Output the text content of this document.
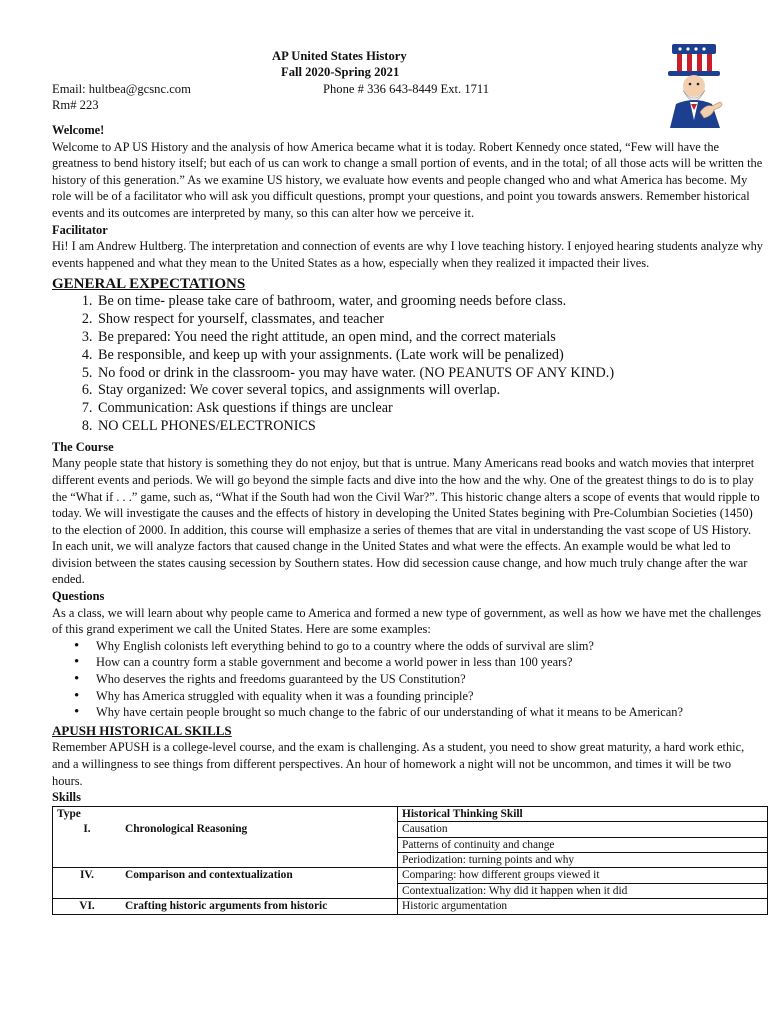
AP United States History
Fall 2020-Spring 2021
Email: hultbea@gcsnc.com	Phone # 336 643-8449 Ext. 1711
Rm# 223

Welcome!

Welcome to AP US History and the analysis of how America became what it is today. Robert Kennedy once stated, “Few will have the greatness to bend history itself; but each of us can work to change a small portion of events, and in the total; of all those acts will be written the history of this generation.” As we examine US history, we evaluate how events and people changed who and what America has become. My role will be of a facilitator who will ask you difficult questions, prompt your questions, and point you towards answers. Remember historical events and its outcomes are interpreted by many, so this can alter how we perceive it.

Facilitator

Hi! I am Andrew Hultberg. The interpretation and connection of events are why I love teaching history. I enjoyed hearing students analyze why events happened and what they mean to the United States as a how, especially when they realized it impacted their lives.

GENERAL EXPECTATIONS

1. Be on time- please take care of bathroom, water, and grooming needs before class.
2. Show respect for yourself, classmates, and teacher
3. Be prepared: You need the right attitude, an open mind, and the correct materials
4. Be responsible, and keep up with your assignments. (Late work will be penalized)
5. No food or drink in the classroom- you may have water. (NO PEANUTS OF ANY KIND.)
6. Stay organized: We cover several topics, and assignments will overlap.
7. Communication: Ask questions if things are unclear
8. NO CELL PHONES/ELECTRONICS

The Course

Many people state that history is something they do not enjoy, but that is untrue. Many Americans read books and watch movies that interpret different events and periods. We will go beyond the simple facts and dive into the how and the why. One of the greatest things to do is to play the “What if . . .” game, such as, “What if the South had won the Civil War?”. This historic change alters a scope of events that would ripple to today. We will investigate the causes and the effects of history in developing the United States begining with Pre-Columbian Societies (1450) to the election of 2000. In addition, this course will emphasize a series of themes that are vital in understanding the vast scope of US History. In each unit, we will analyze factors that caused change in the United States and what were the effects. An example would be what led to division between the states causing secession by Southern states. How did secession cause change, and how much truly change after the war ended.

Questions

As a class, we will learn about why people came to America and formed a new type of government, as well as how we have met the challenges of this grand experiment we call the United States. Here are some examples:

• Why English colonists left everything behind to go to a country where the odds of survival are slim?
• How can a country form a stable government and become a world power in less than 100 years?
• Who deserves the rights and freedoms guaranteed by the US Constitution?
• Why has America struggled with equality when it was a founding principle?
• Why have certain people brought so much change to the fabric of our understanding of what it means to be American?

APUSH HISTORICAL SKILLS

Remember APUSH is a college-level course, and the exam is challenging. As a student, you need to show great maturity, a hard work ethic, and a willingness to see things from different perspectives. An hour of homework a night will not be uncommon, and times it will be two hours.

Skills

Type		Historical Thinking Skill
I.	Chronological Reasoning	Causation
		Patterns of continuity and change
		Periodization: turning points and why
IV.	Comparison and contextualization	Comparing: how different groups viewed it
		Contextualization: Why did it happen when it did
VI.	Crafting historic arguments from historic	Historic argumentation
